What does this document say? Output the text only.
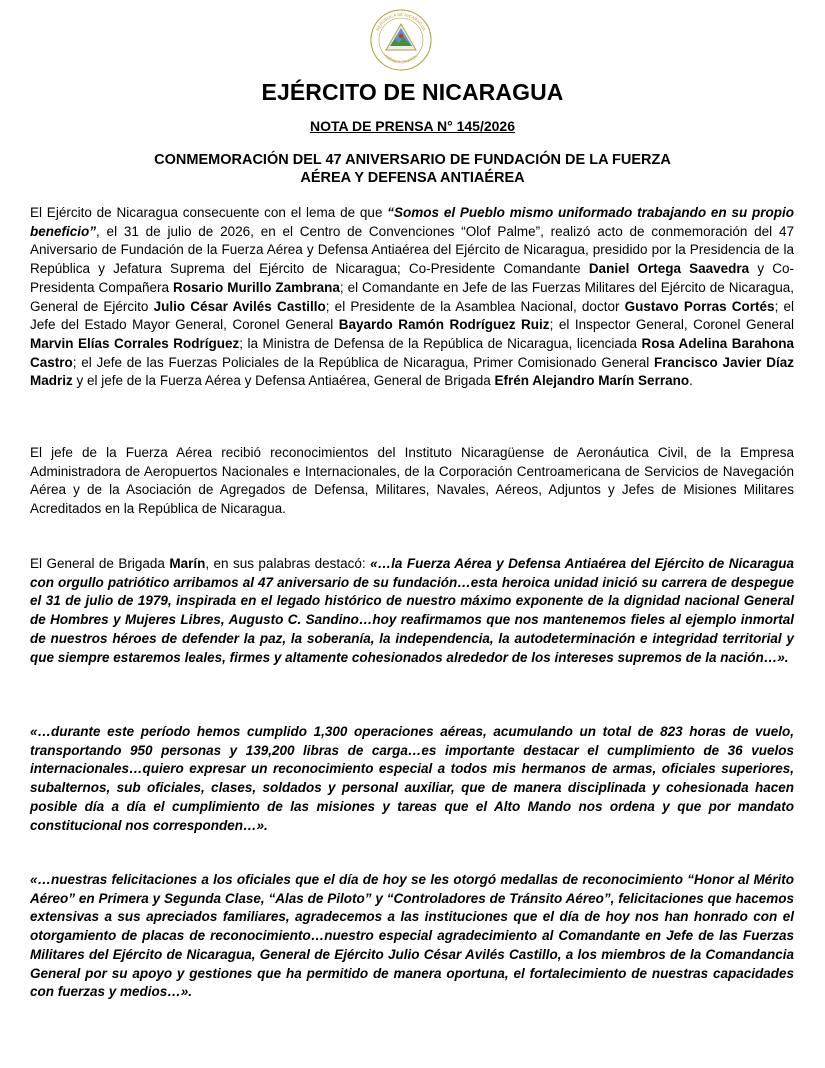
REPÚBLICA DE NICARAGUA
AMÉRICA CENTRAL
EJÉRCITO DE NICARAGUA
NOTA DE PRENSA N° 145/2026
CONMEMORACIÓN DEL 47 ANIVERSARIO DE FUNDACIÓN DE LA FUERZA
AÉREA Y DEFENSA ANTIAÉREA

El Ejército de Nicaragua consecuente con el lema de que “Somos el Pueblo mismo uniformado trabajando en su propio beneficio”, el 31 de julio de 2026, en el Centro de Convenciones “Olof Palme”, realizó acto de conmemoración del 47 Aniversario de Fundación de la Fuerza Aérea y Defensa Antiaérea del Ejército de Nicaragua, presidido por la Presidencia de la República y Jefatura Suprema del Ejército de Nicaragua; Co-Presidente Comandante Daniel Ortega Saavedra y Co-Presidenta Compañera Rosario Murillo Zambrana; el Comandante en Jefe de las Fuerzas Militares del Ejército de Nicaragua, General de Ejército Julio César Avilés Castillo; el Presidente de la Asamblea Nacional, doctor Gustavo Porras Cortés; el Jefe del Estado Mayor General, Coronel General Bayardo Ramón Rodríguez Ruiz; el Inspector General, Coronel General Marvin Elías Corrales Rodríguez; la Ministra de Defensa de la República de Nicaragua, licenciada Rosa Adelina Barahona Castro; el Jefe de las Fuerzas Policiales de la República de Nicaragua, Primer Comisionado General Francisco Javier Díaz Madriz y el jefe de la Fuerza Aérea y Defensa Antiaérea, General de Brigada Efrén Alejandro Marín Serrano.

El jefe de la Fuerza Aérea recibió reconocimientos del Instituto Nicaragüense de Aeronáutica Civil, de la Empresa Administradora de Aeropuertos Nacionales e Internacionales, de la Corporación Centroamericana de Servicios de Navegación Aérea y de la Asociación de Agregados de Defensa, Militares, Navales, Aéreos, Adjuntos y Jefes de Misiones Militares Acreditados en la República de Nicaragua.

El General de Brigada Marín, en sus palabras destacó: «…la Fuerza Aérea y Defensa Antiaérea del Ejército de Nicaragua con orgullo patriótico arribamos al 47 aniversario de su fundación…esta heroica unidad inició su carrera de despegue el 31 de julio de 1979, inspirada en el legado histórico de nuestro máximo exponente de la dignidad nacional General de Hombres y Mujeres Libres, Augusto C. Sandino…hoy reafirmamos que nos mantenemos fieles al ejemplo inmortal de nuestros héroes de defender la paz, la soberanía, la independencia, la autodeterminación e integridad territorial y que siempre estaremos leales, firmes y altamente cohesionados alrededor de los intereses supremos de la nación…».

«…durante este período hemos cumplido 1,300 operaciones aéreas, acumulando un total de 823 horas de vuelo, transportando 950 personas y 139,200 libras de carga…es importante destacar el cumplimiento de 36 vuelos internacionales…quiero expresar un reconocimiento especial a todos mis hermanos de armas, oficiales superiores, subalternos, sub oficiales, clases, soldados y personal auxiliar, que de manera disciplinada y cohesionada hacen posible día a día el cumplimiento de las misiones y tareas que el Alto Mando nos ordena y que por mandato constitucional nos corresponden…».

«…nuestras felicitaciones a los oficiales que el día de hoy se les otorgó medallas de reconocimiento “Honor al Mérito Aéreo” en Primera y Segunda Clase, “Alas de Piloto” y “Controladores de Tránsito Aéreo”, felicitaciones que hacemos extensivas a sus apreciados familiares, agradecemos a las instituciones que el día de hoy nos han honrado con el otorgamiento de placas de reconocimiento…nuestro especial agradecimiento al Comandante en Jefe de las Fuerzas Militares del Ejército de Nicaragua, General de Ejército Julio César Avilés Castillo, a los miembros de la Comandancia General por su apoyo y gestiones que ha permitido de manera oportuna, el fortalecimiento de nuestras capacidades con fuerzas y medios…».
